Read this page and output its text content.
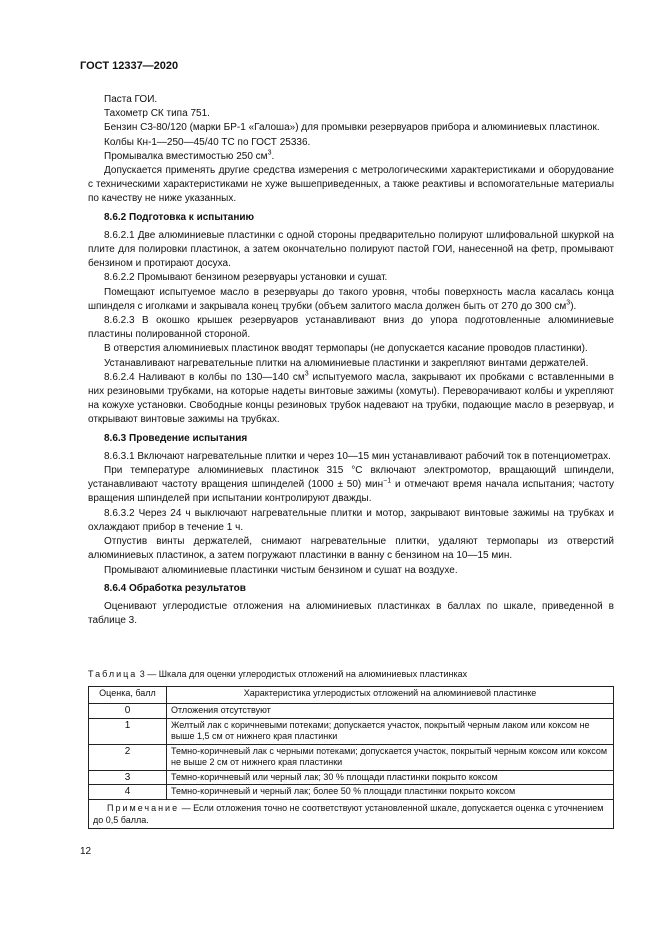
ГОСТ 12337—2020

Паста ГОИ.

Тахометр СК типа 751.

Бензин С3-80/120 (марки БР-1 «Галоша») для промывки резервуаров прибора и алюминиевых пластинок.

Колбы Кн-1—250—45/40 ТС по ГОСТ 25336.

Промывалка вместимостью 250 $см^3$.

Допускается применять другие средства измерения с метрологическими характеристиками и оборудование с техническими характеристиками не хуже вышеприведенных, а также реактивы и вспомогательные материалы по качеству не ниже указанных.

8.6.2 Подготовка к испытанию

8.6.2.1 Две алюминиевые пластинки с одной стороны предварительно полируют шлифовальной шкуркой на плите для полировки пластинок, а затем окончательно полируют пастой ГОИ, нанесенной на фетр, промывают бензином и протирают досуха.

8.6.2.2 Промывают бензином резервуары установки и сушат.

Помещают испытуемое масло в резервуары до такого уровня, чтобы поверхность масла касалась конца шпинделя с иголками и закрывала конец трубки (объем залитого масла должен быть от 270 до 300 $см^3$).

8.6.2.3 В окошко крышек резервуаров устанавливают вниз до упора подготовленные алюминиевые пластины полированной стороной.

В отверстия алюминиевых пластинок вводят термопары (не допускается касание проводов пластинки).

Устанавливают нагревательные плитки на алюминиевые пластинки и закрепляют винтами держателей.

8.6.2.4 Наливают в колбы по 130—140 $см^3$ испытуемого масла, закрывают их пробками с вставленными в них резиновыми трубками, на которые надеты винтовые зажимы (хомуты). Переворачивают колбы и укрепляют на кожухе установки. Свободные концы резиновых трубок надевают на трубки, подающие масло в резервуар, и открывают винтовые зажимы на трубках.

8.6.3 Проведение испытания

8.6.3.1 Включают нагревательные плитки и через 10—15 мин устанавливают рабочий ток в потенциометрах.

При температуре алюминиевых пластинок 315 °C включают электромотор, вращающий шпиндели, устанавливают частоту вращения шпинделей (1000 ± 50) мин$^{-1}$ и отмечают время начала испытания; частоту вращения шпинделей при испытании контролируют дважды.

8.6.3.2 Через 24 ч выключают нагревательные плитки и мотор, закрывают винтовые зажимы на трубках и охлаждают прибор в течение 1 ч.

Отпустив винты держателей, снимают нагревательные плитки, удаляют термопары из отверстий алюминиевых пластинок, а затем погружают пластинки в ванну с бензином на 10—15 мин.

Промывают алюминиевые пластинки чистым бензином и сушат на воздухе.

8.6.4 Обработка результатов

Оценивают углеродистые отложения на алюминиевых пластинках в баллах по шкале, приведенной в таблице 3.

Таблица 3 — Шкала для оценки углеродистых отложений на алюминиевых пластинках
Оценка, балл	Характеристика углеродистых отложений на алюминиевой пластинке
0	Отложения отсутствуют
1	Желтый лак с коричневыми потеками; допускается участок, покрытый черным лаком или коксом не выше 1,5 см от нижнего края пластинки
2	Темно-коричневый лак с черными потеками; допускается участок, покрытый черным коксом или коксом не выше 2 см от нижнего края пластинки
3	Темно-коричневый или черный лак; 30 % площади пластинки покрыто коксом
4	Темно-коричневый и черный лак; более 50 % площади пластинки покрыто коксом
Примечание — Если отложения точно не соответствуют установленной шкале, допускается оценка с уточнением до 0,5 балла.	
12
